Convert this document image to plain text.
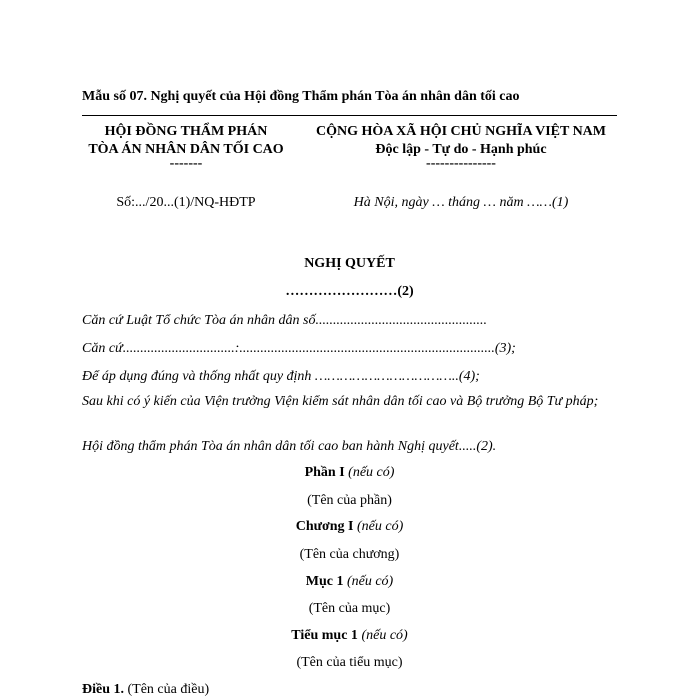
Mẫu số 07. Nghị quyết của Hội đồng Thẩm phán Tòa án nhân dân tối cao
HỘI ĐỒNG THẨM PHÁN
TÒA ÁN NHÂN DÂN TỐI CAO
-------
CỘNG HÒA XÃ HỘI CHỦ NGHĨA VIỆT NAM
Độc lập - Tự do - Hạnh phúc
---------------
Số:.../20...(1)/NQ-HĐTP	Hà Nội, ngày … tháng … năm ……(1)
NGHỊ QUYẾT
……………………(2)
Căn cứ Luật Tổ chức Tòa án nhân dân số.................................................
Căn cứ................................:.........................................................................(3);
Để áp dụng đúng và thống nhất quy định ……………………………..(4);
Sau khi có ý kiến của Viện trưởng Viện kiểm sát nhân dân tối cao và Bộ trưởng Bộ Tư pháp;
Hội đồng thẩm phán Tòa án nhân dân tối cao ban hành Nghị quyết.....(2).
Phần I (nếu có)
(Tên của phần)
Chương I (nếu có)
(Tên của chương)
Mục 1 (nếu có)
(Tên của mục)
Tiểu mục 1 (nếu có)
(Tên của tiểu mục)
Điều 1. (Tên của điều)
